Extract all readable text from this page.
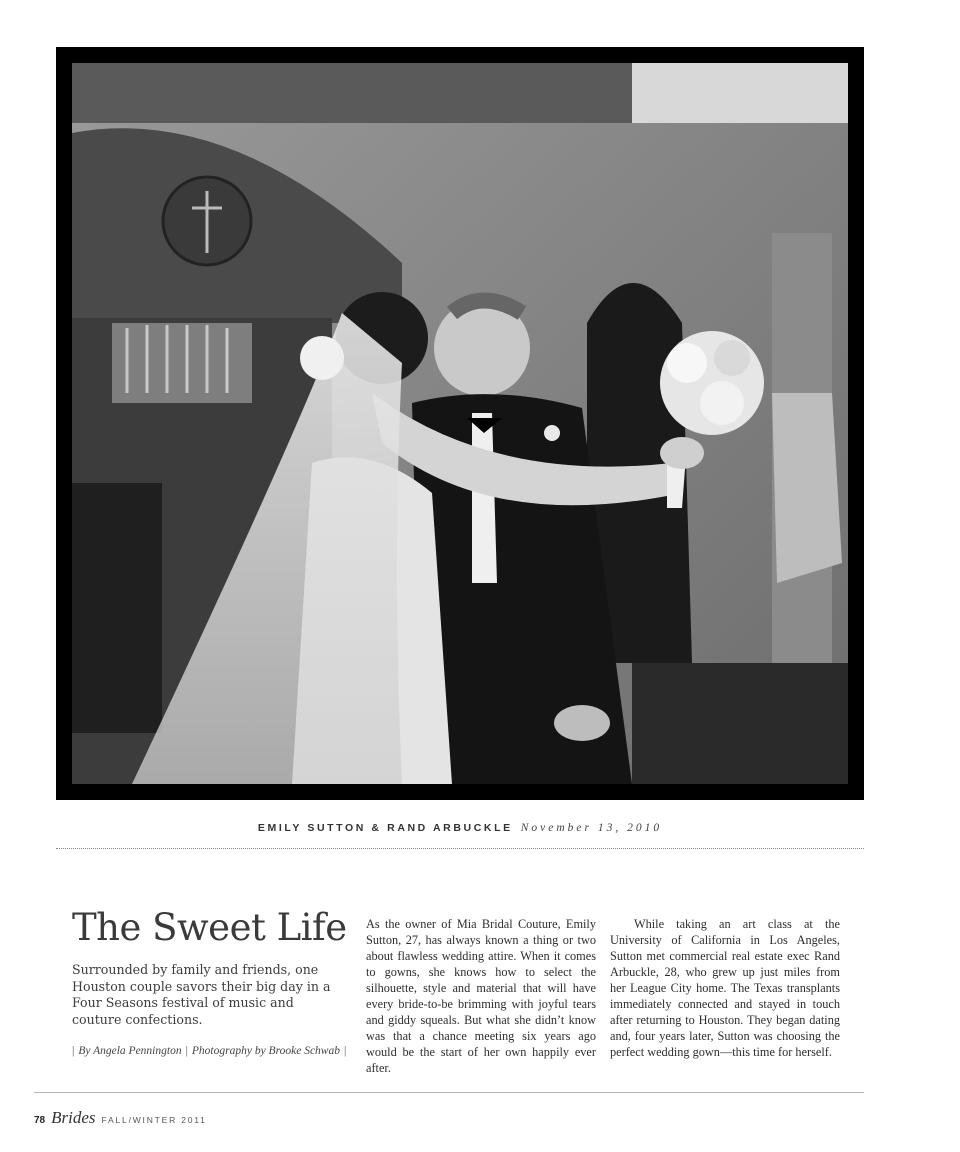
EMILY SUTTON & RAND ARBUCKLE November 13, 2010
The Sweet Life

Surrounded by family and friends, one Houston couple savors their big day in a Four Seasons festival of music and couture confections.

| By Angela Pennington | Photography by Brooke Schwab |

As the owner of Mia Bridal Couture, Emily Sutton, 27, has always known a thing or two about flawless wedding attire. When it comes to gowns, she knows how to select the silhouette, style and material that will have every bride-to-be brimming with joyful tears and giddy squeals. But what she didn’t know was that a chance meeting six years ago would be the start of her own happily ever after.

While taking an art class at the University of California in Los Angeles, Sutton met commercial real estate exec Rand Arbuckle, 28, who grew up just miles from her League City home. The Texas transplants immediately connected and stayed in touch after returning to Houston. They began dating and, four years later, Sutton was choosing the perfect wedding gown—this time for herself.

78 Brides FALL/WINTER 2011
